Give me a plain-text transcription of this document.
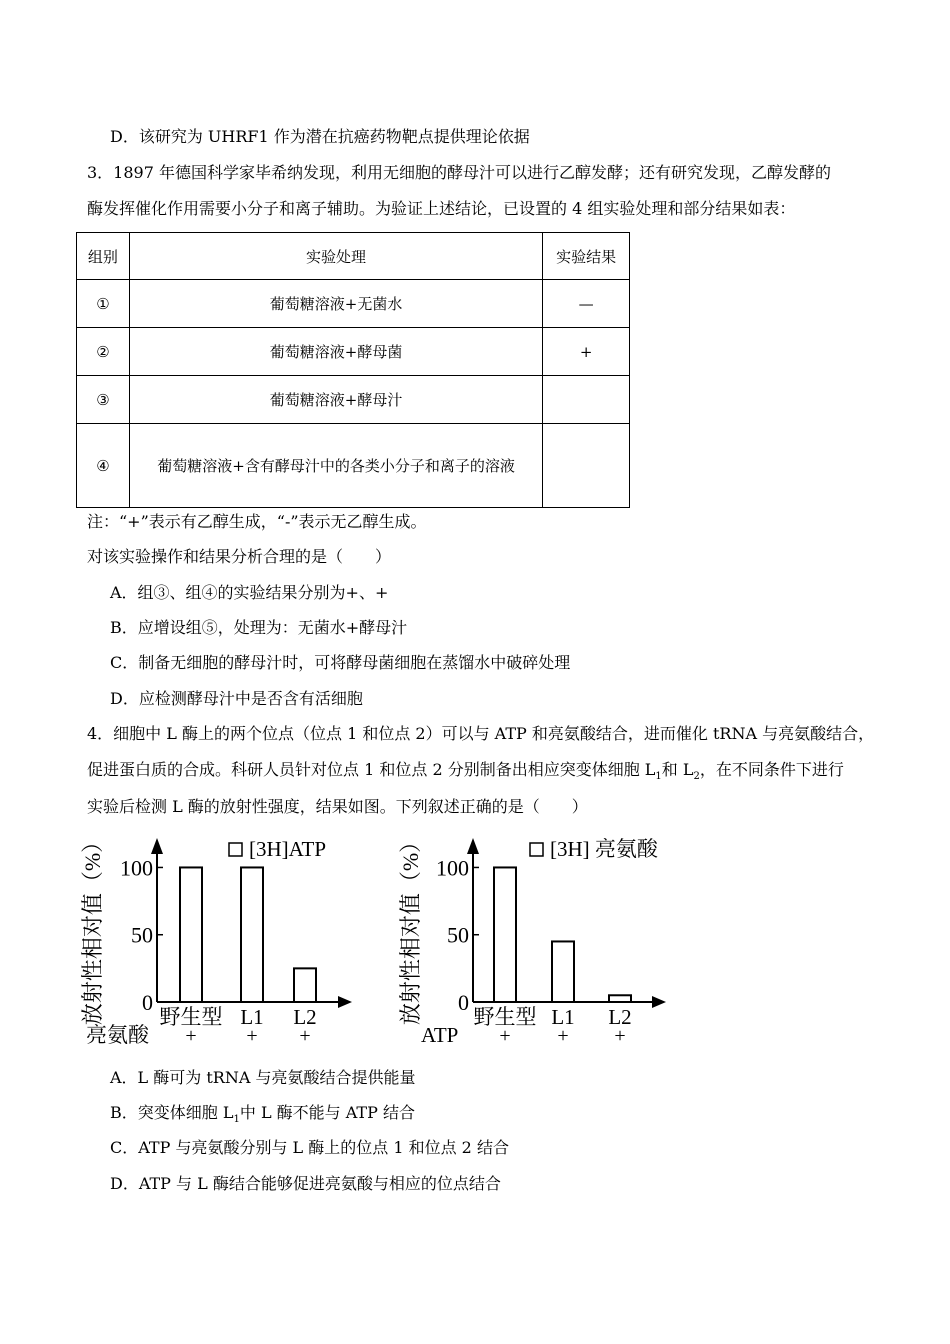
D．该研究为 UHRF1 作为潜在抗癌药物靶点提供理论依据
3．1897 年德国科学家毕希纳发现，利用无细胞的酵母汁可以进行乙醇发酵；还有研究发现，乙醇发酵的
酶发挥催化作用需要小分子和离子辅助。为验证上述结论，已设置的 4 组实验处理和部分结果如表：
组别	实验处理	实验结果
①	葡萄糖溶液+无菌水	—
②	葡萄糖溶液+酵母菌	+
③	葡萄糖溶液+酵母汁	
④	葡萄糖溶液+含有酵母汁中的各类小分子和离子的溶液	
注：“+”表示有乙醇生成，“-”表示无乙醇生成。
对该实验操作和结果分析合理的是（　　）
A．组③、组④的实验结果分别为+、+
B．应增设组⑤，处理为：无菌水+酵母汁
C．制备无细胞的酵母汁时，可将酵母菌细胞在蒸馏水中破碎处理
D．应检测酵母汁中是否含有活细胞
4．细胞中 L 酶上的两个位点（位点 1 和位点 2）可以与 ATP 和亮氨酸结合，进而催化 tRNA 与亮氨酸结合，
促进蛋白质的合成。科研人员针对位点 1 和位点 2 分别制备出相应突变体细胞 $L_1$和 $L_2$，在不同条件下进行
实验后检测 L 酶的放射性强度，结果如图。下列叙述正确的是（　　）
0
50
100
放射性相对值（%）	[3H]ATP
野生型
+
L1
+
L2
+
亮氨酸
0
50
100
放射性相对值（%）	[3H] 亮氨酸
野生型
+
L1
+
L2
+
ATP
A．L 酶可为 tRNA 与亮氨酸结合提供能量
B．突变体细胞 $L_1$中 L 酶不能与 ATP 结合
C．ATP 与亮氨酸分别与 L 酶上的位点 1 和位点 2 结合
D．ATP 与 L 酶结合能够促进亮氨酸与相应的位点结合
